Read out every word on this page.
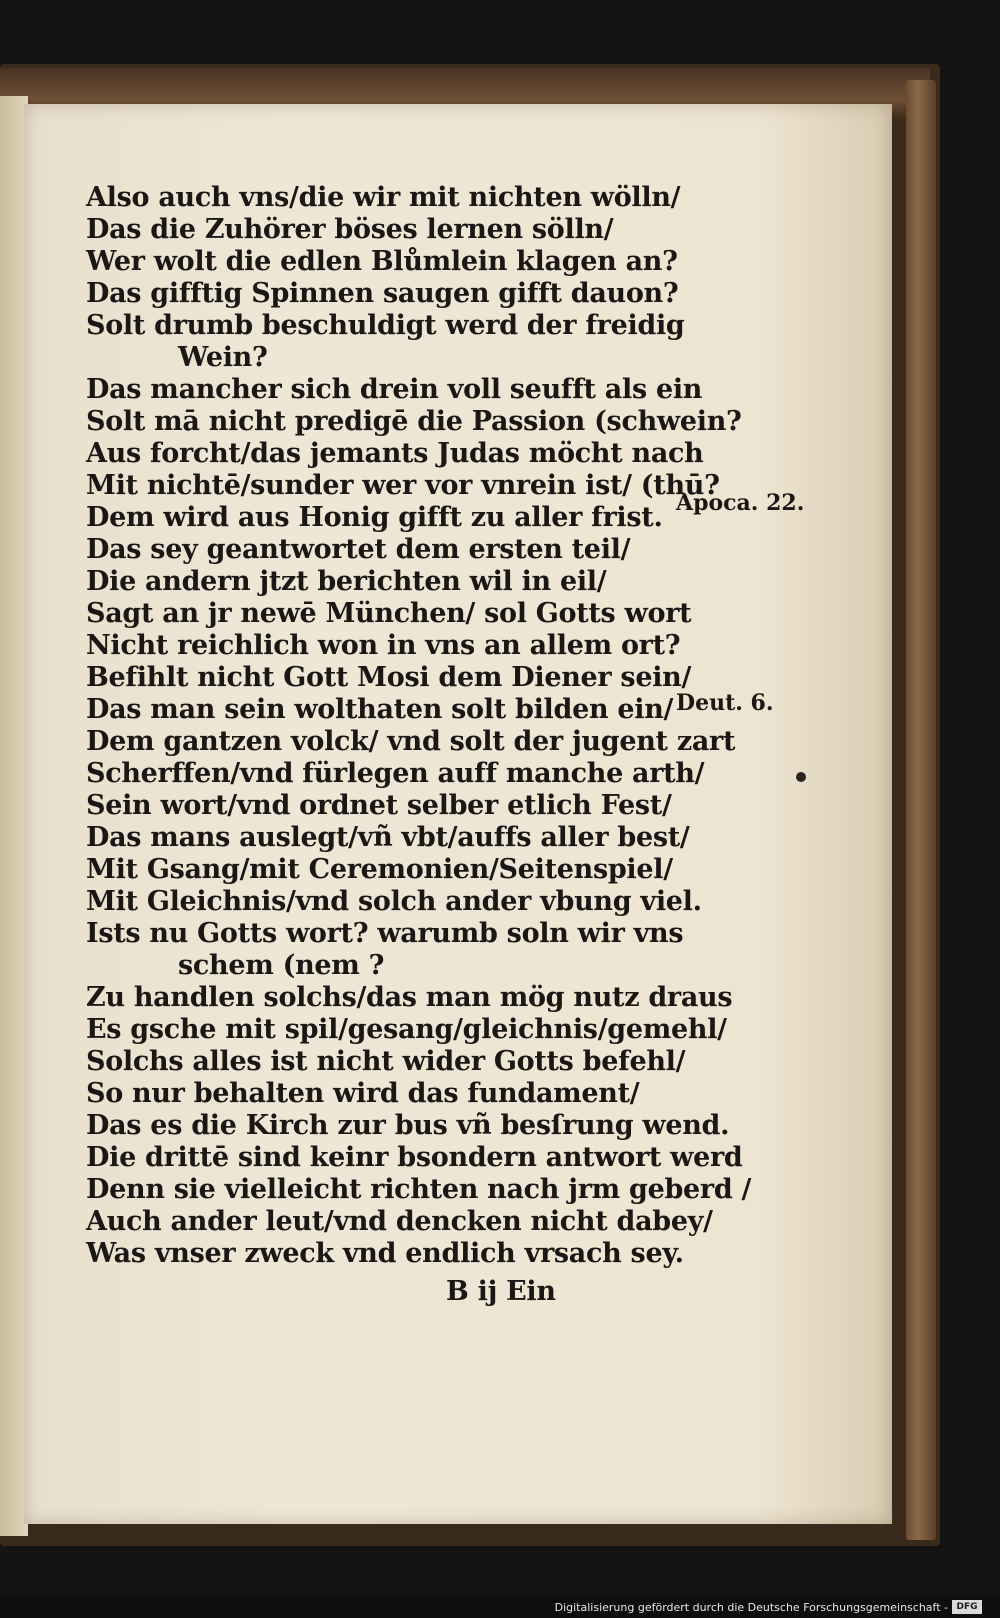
Also auch vns/die wir mit nichten wölln/
Das die Zuhörer böses lernen sölln/
Wer wolt die edlen Blůmlein klagen an?
Das gifftig Spinnen saugen gifft dauon?
Solt drumb beschuldigt werd der freidig
Wein?
Das mancher sich drein voll seufft als ein
Solt mā nicht predigē die Passion (schwein?
Aus forcht/das jemants Judas möcht nach
Mit nichtē/sunder wer vor vnrein ist/ (thū?
Dem wird aus Honig gifft zu aller frist.
Das sey geantwortet dem ersten teil/
Die andern jtzt berichten wil in eil/
Sagt an jr newē München/ sol Gotts wort
Nicht reichlich won in vns an allem ort?
Befihlt nicht Gott Mosi dem Diener sein/
Das man sein wolthaten solt bilden ein/
Dem gantzen volck/ vnd solt der jugent zart
Scherffen/vnd fürlegen auff manche arth/
Sein wort/vnd ordnet selber etlich Fest/
Das mans auslegt/vñ vbt/auffs aller best/
Mit Gsang/mit Ceremonien/Seitenspiel/
Mit Gleichnis/vnd solch ander vbung viel.
Ists nu Gotts wort? warumb soln wir vns
schem (nem ?
Zu handlen solchs/das man mög nutz draus
Es gsche mit spil/gesang/gleichnis/gemehl/
Solchs alles ist nicht wider Gotts befehl/
So nur behalten wird das fundament/
Das es die Kirch zur bus vñ besſrung wend.
Die drittē sind keinr bsondern antwort werd
Denn sie vielleicht richten nach jrm geberd /
Auch ander leut/vnd dencken nicht dabey/
Was vnser zweck vnd endlich vrsach sey.
B ij Ein
Apoca. 22.
Deut. 6.
Digitalisierung gefördert durch die Deutsche Forschungsgemeinschaft - DFG
